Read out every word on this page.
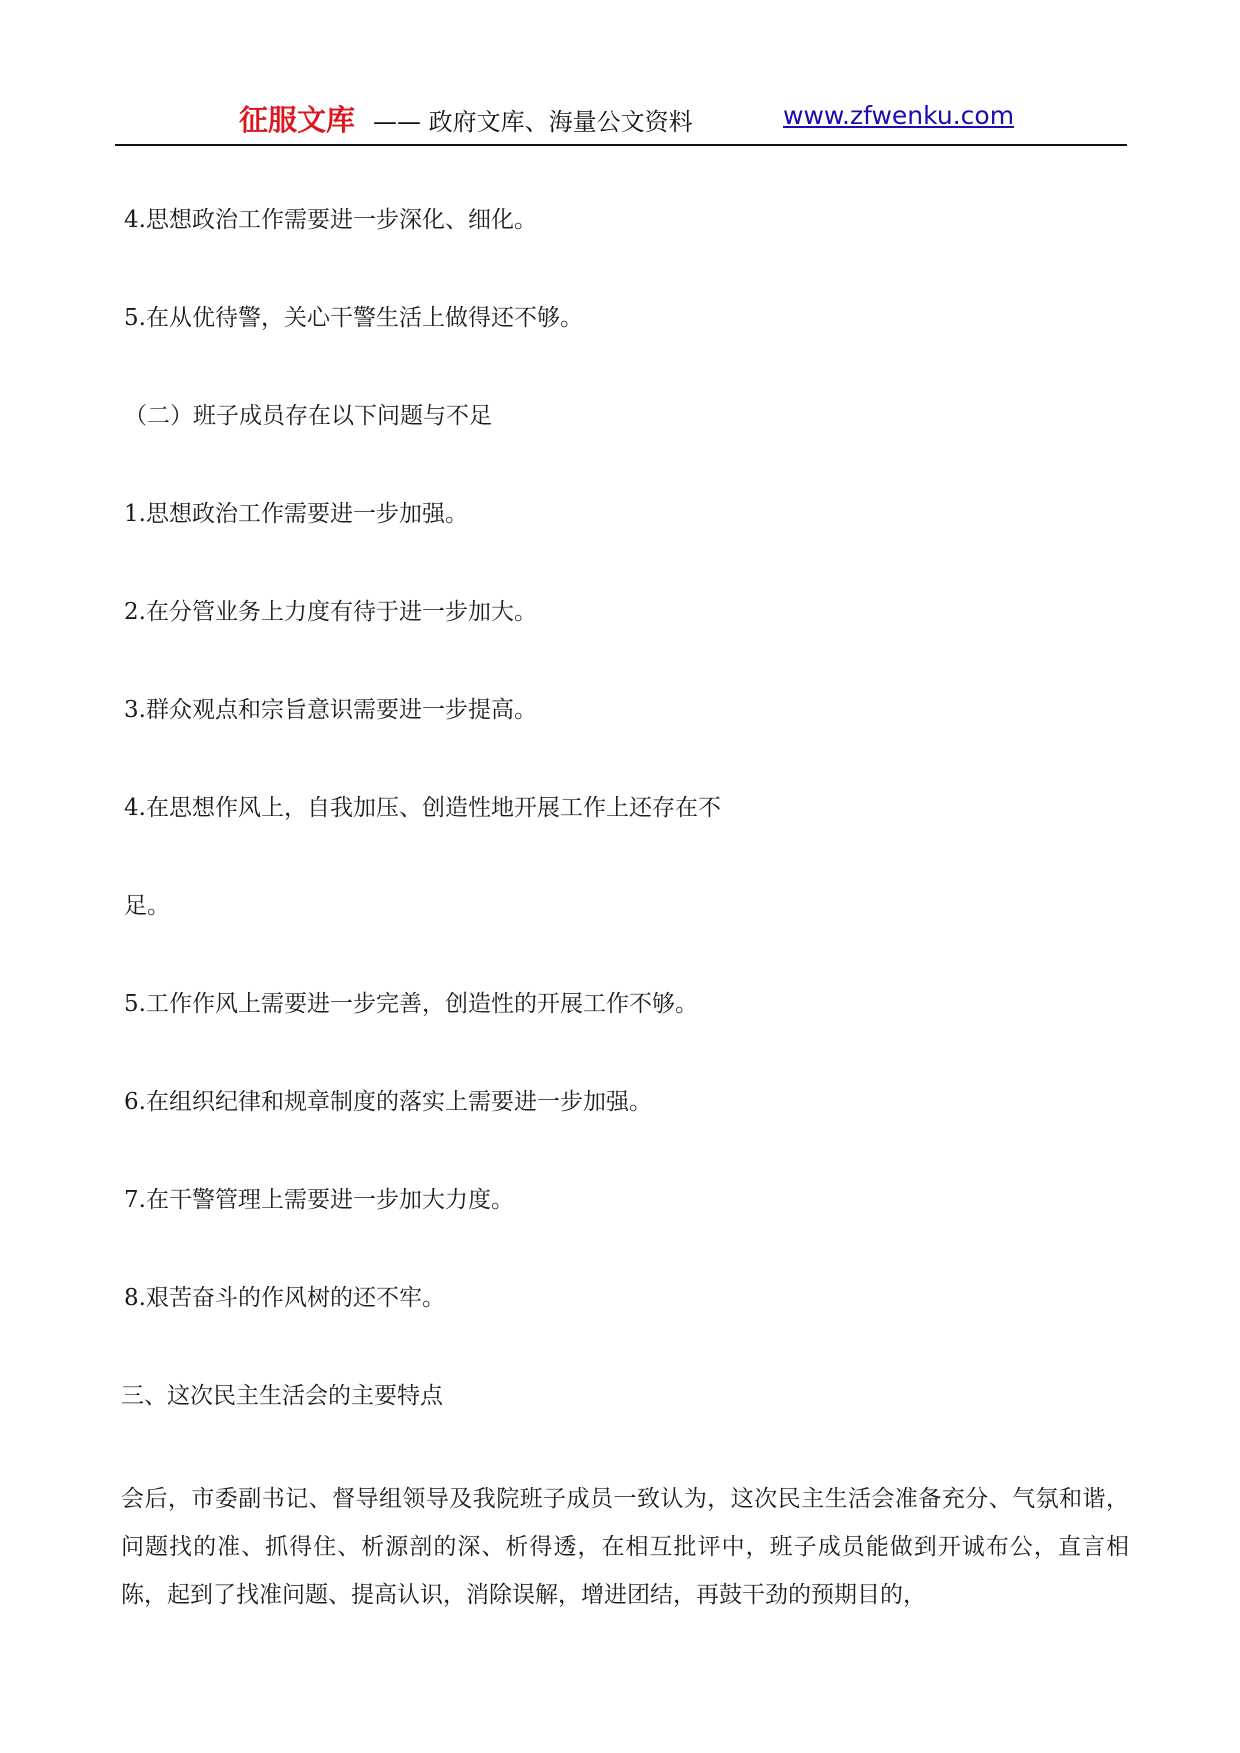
征服文库 —— 政府文库、海量公文资料	www.zfwenku.com
4.思想政治工作需要进一步深化、细化。
5.在从优待警，关心干警生活上做得还不够。
（二）班子成员存在以下问题与不足
1.思想政治工作需要进一步加强。
2.在分管业务上力度有待于进一步加大。
3.群众观点和宗旨意识需要进一步提高。
4.在思想作风上，自我加压、创造性地开展工作上还存在不
足。
5.工作作风上需要进一步完善，创造性的开展工作不够。
6.在组织纪律和规章制度的落实上需要进一步加强。
7.在干警管理上需要进一步加大力度。
8.艰苦奋斗的作风树的还不牢。
三、这次民主生活会的主要特点
会后，市委副书记、督导组领导及我院班子成员一致认为，这次民主生活会准备充分、气氛和谐，问题找的准、抓得住、析源剖的深、析得透，在相互批评中，班子成员能做到开诚布公，直言相陈，起到了找准问题、提高认识，消除误解，增进团结，再鼓干劲的预期目的，
